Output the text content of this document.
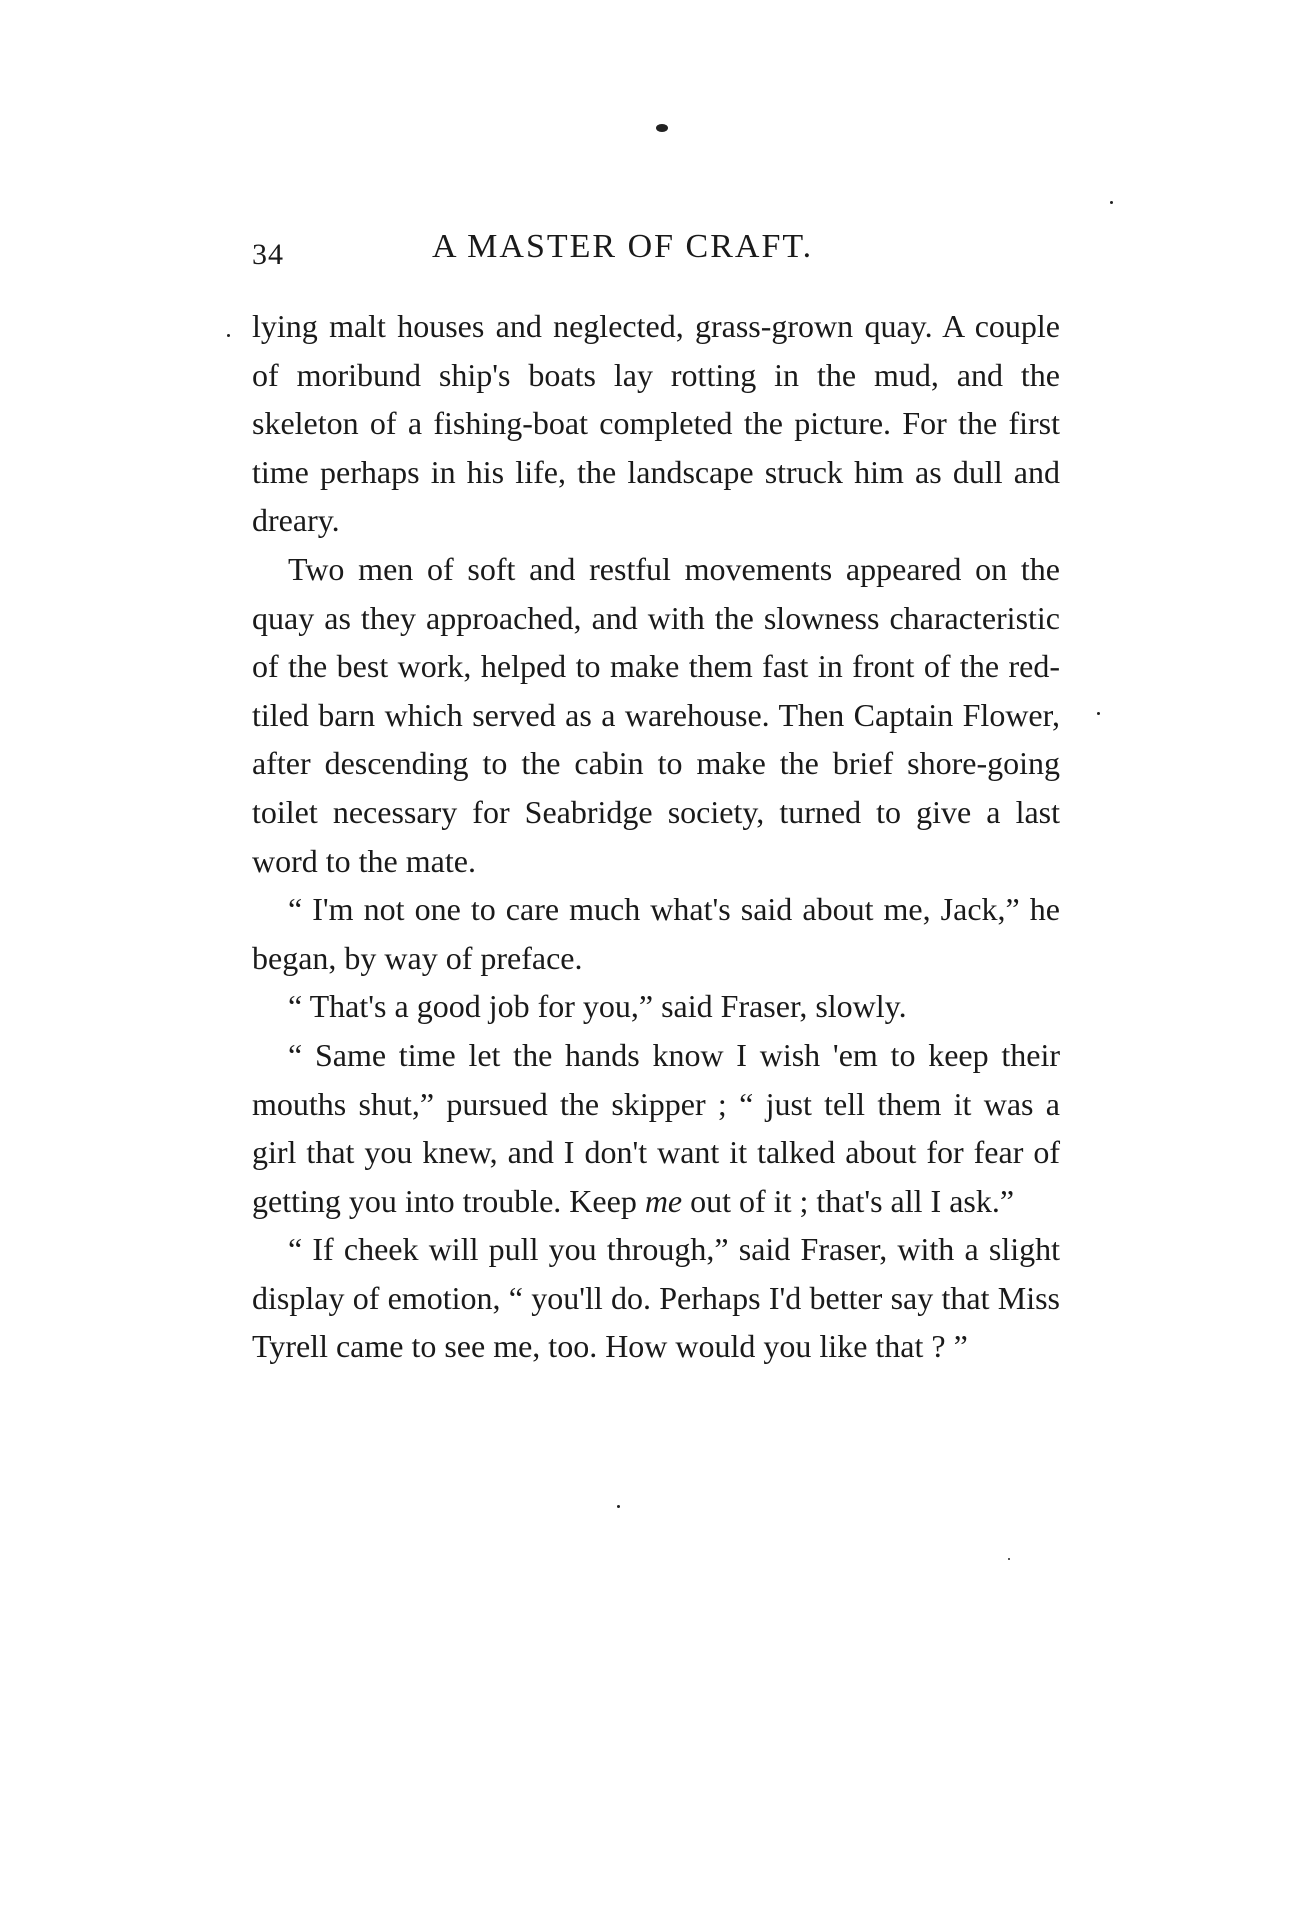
34	A MASTER OF CRAFT.

lying malt houses and neglected, grass-grown quay. A couple of moribund ship's boats lay rotting in the mud, and the skeleton of a fishing-boat completed the picture. For the first time perhaps in his life, the landscape struck him as dull and dreary.

Two men of soft and restful movements appeared on the quay as they approached, and with the slowness characteristic of the best work, helped to make them fast in front of the red-tiled barn which served as a warehouse. Then Captain Flower, after descending to the cabin to make the brief shore-going toilet necessary for Seabridge society, turned to give a last word to the mate.

“ I'm not one to care much what's said about me, Jack,” he began, by way of preface.

“ That's a good job for you,” said Fraser, slowly.

“ Same time let the hands know I wish 'em to keep their mouths shut,” pursued the skipper ; “ just tell them it was a girl that you knew, and I don't want it talked about for fear of getting you into trouble. Keep me out of it ; that's all I ask.”

“ If cheek will pull you through,” said Fraser, with a slight display of emotion, “ you'll do. Perhaps I'd better say that Miss Tyrell came to see me, too. How would you like that ? ”
